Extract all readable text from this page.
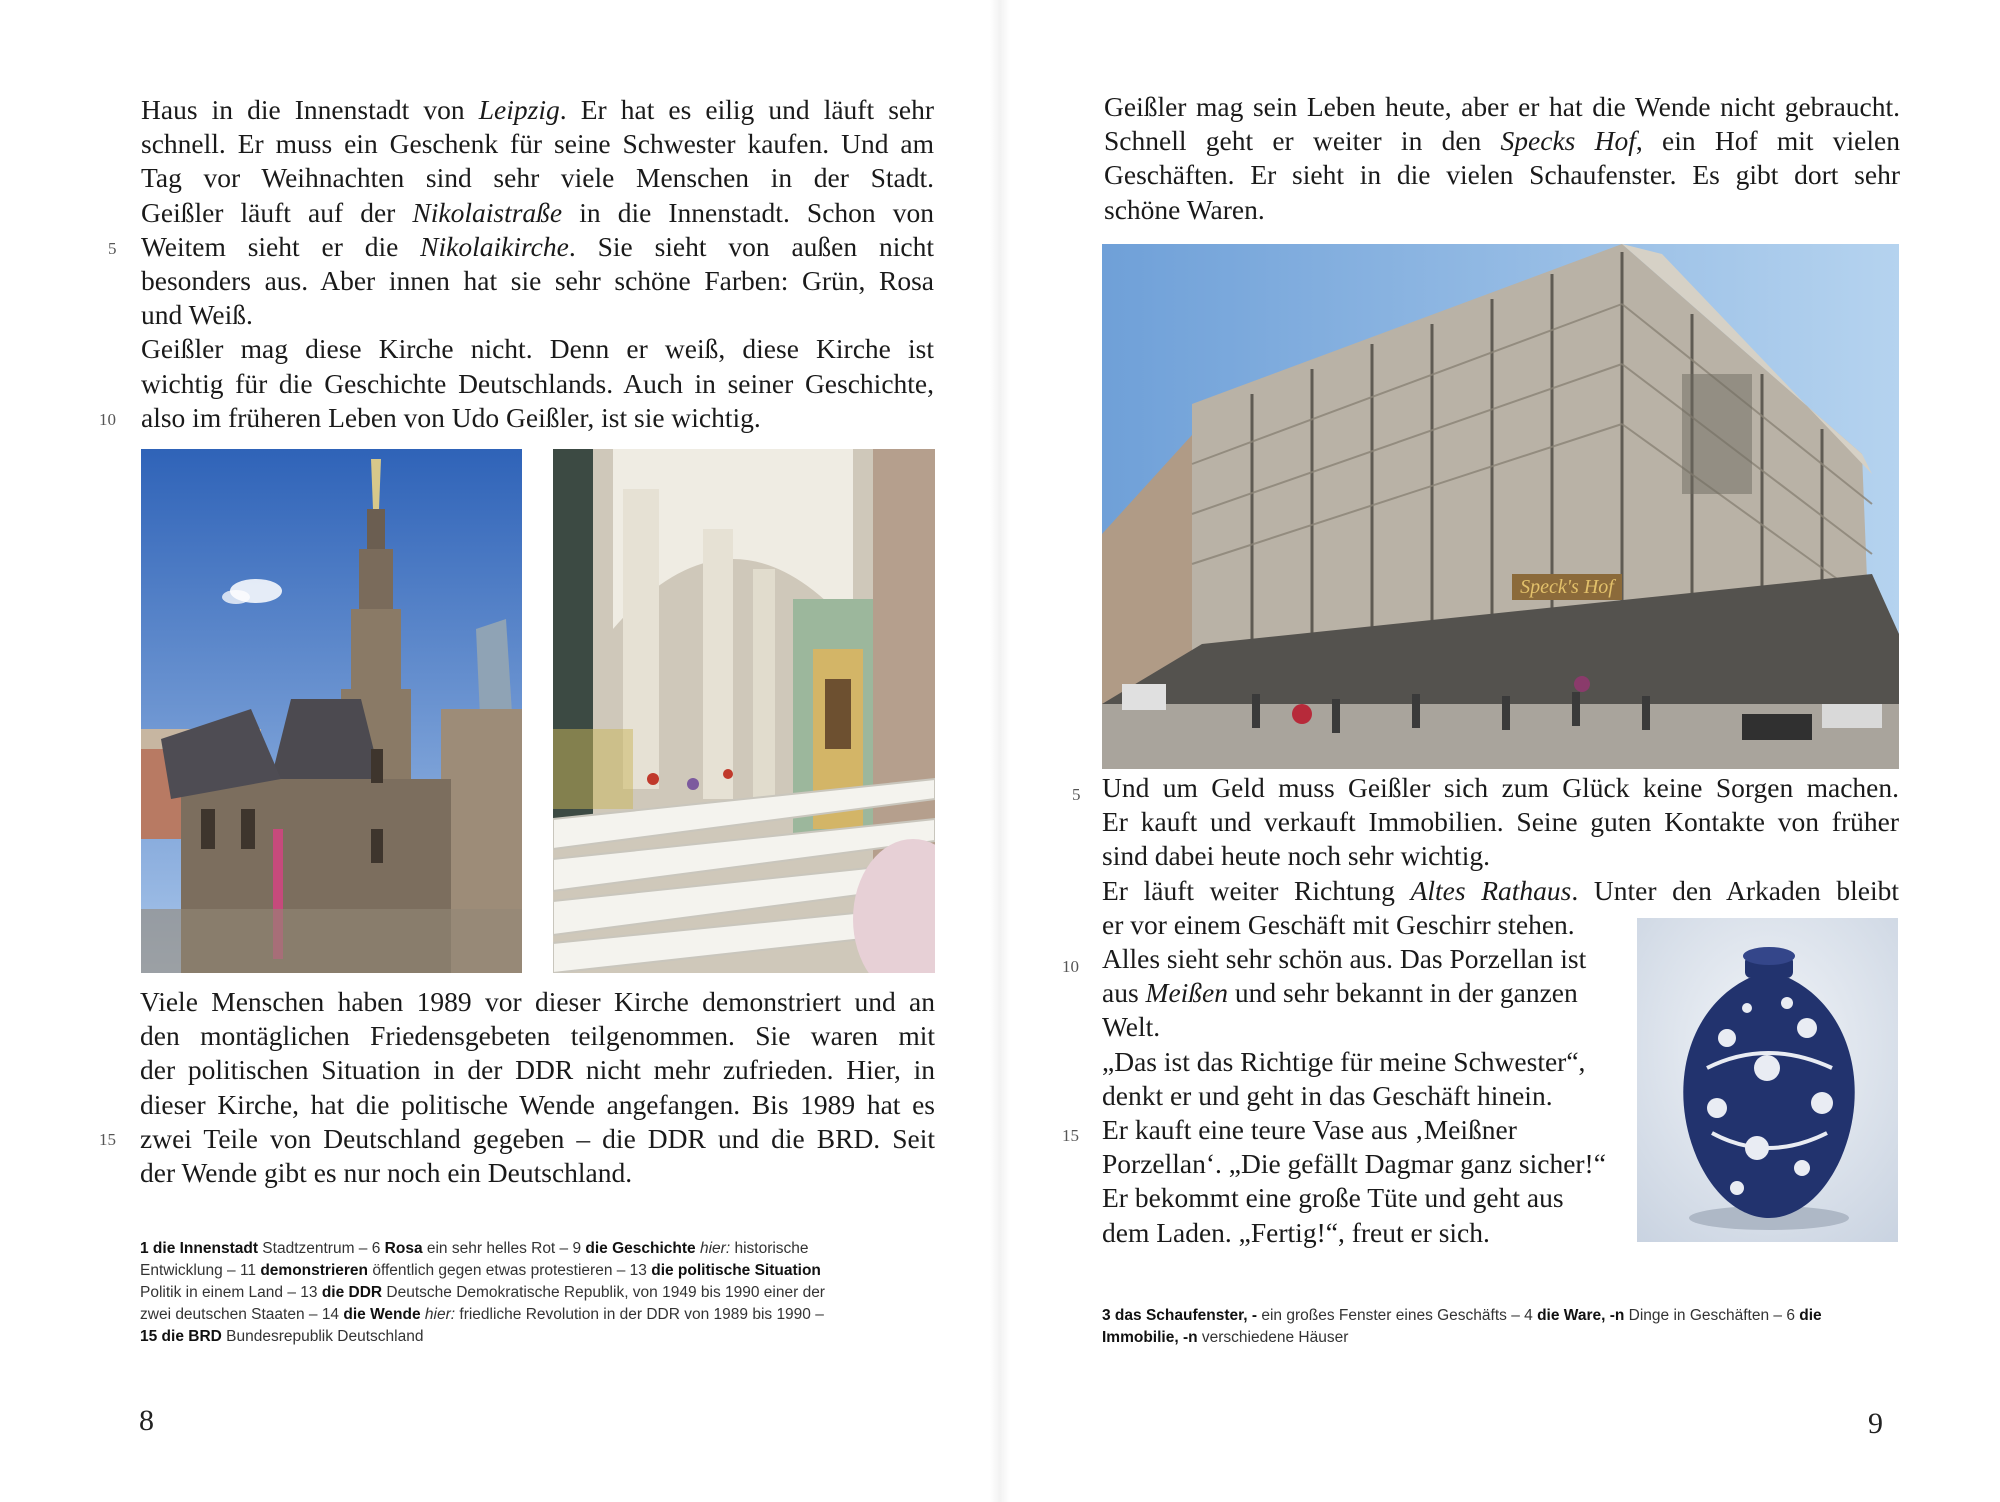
Haus in die Innenstadt von Leipzig. Er hat es eilig und läuft sehr
schnell. Er muss ein Geschenk für seine Schwester kaufen. Und am
Tag vor Weihnachten sind sehr viele Menschen in der Stadt.
Geißler läuft auf der Nikolaistraße in die Innenstadt. Schon von
Weitem sieht er die Nikolaikirche. Sie sieht von außen nicht
besonders aus. Aber innen hat sie sehr schöne Farben: Grün, Rosa
und Weiß.
Geißler mag diese Kirche nicht. Denn er weiß, diese Kirche ist
wichtig für die Geschichte Deutschlands. Auch in seiner Geschichte,
also im früheren Leben von Udo Geißler, ist sie wichtig.
5
10
Viele Menschen haben 1989 vor dieser Kirche demonstriert und an
den montäglichen Friedensgebeten teilgenommen. Sie waren mit
der politischen Situation in der DDR nicht mehr zufrieden. Hier, in
dieser Kirche, hat die politische Wende angefangen. Bis 1989 hat es
zwei Teile von Deutschland gegeben – die DDR und die BRD. Seit
der Wende gibt es nur noch ein Deutschland.
15
1 die Innenstadt Stadtzentrum – 6 Rosa ein sehr helles Rot – 9 die Geschichte hier: historische
Entwicklung – 11 demonstrieren öffentlich gegen etwas protestieren – 13 die politische Situation
Politik in einem Land – 13 die DDR Deutsche Demokratische Republik, von 1949 bis 1990 einer der
zwei deutschen Staaten – 14 die Wende hier: friedliche Revolution in der DDR von 1989 bis 1990 –
15 die BRD Bundesrepublik Deutschland
8
Geißler mag sein Leben heute, aber er hat die Wende nicht gebraucht.
Schnell geht er weiter in den Specks Hof, ein Hof mit vielen
Geschäften. Er sieht in die vielen Schaufenster. Es gibt dort sehr
schöne Waren.
Speck's Hof
5 Und um Geld muss Geißler sich zum Glück keine Sorgen machen.
Er kauft und verkauft Immobilien. Seine guten Kontakte von früher
sind dabei heute noch sehr wichtig.
Er läuft weiter Richtung Altes Rathaus. Unter den Arkaden bleibt
er vor einem Geschäft mit Geschirr stehen.
10 Alles sieht sehr schön aus. Das Porzellan ist
aus Meißen und sehr bekannt in der ganzen
Welt.
„Das ist das Richtige für meine Schwester“,
denkt er und geht in das Geschäft hinein.
Er kauft eine teure Vase aus ‚Meißner
Porzellan‘. „Die gefällt Dagmar ganz sicher!“
Er bekommt eine große Tüte und geht aus
dem Laden. „Fertig!“, freut er sich.
15
3 das Schaufenster, - ein großes Fenster eines Geschäfts – 4 die Ware, -n Dinge in Geschäften – 6 die
Immobilie, -n verschiedene Häuser
9
